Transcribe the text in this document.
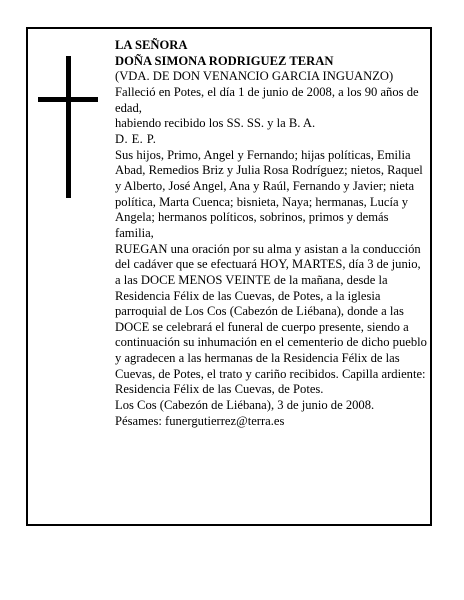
LA SEÑORA

DOÑA SIMONA RODRIGUEZ TERAN

(VDA. DE DON VENANCIO GARCIA INGUANZO)

Falleció en Potes, el día 1 de junio de 2008, a los 90 años de edad,

habiendo recibido los SS. SS. y la B. A.

D. E. P.

Sus hijos, Primo, Angel y Fernando; hijas políticas, Emilia Abad, Remedios Briz y Julia Rosa Rodríguez; nietos, Raquel y Alberto, José Angel, Ana y Raúl, Fernando y Javier; nieta política, Marta Cuenca; bisnieta, Naya; hermanas, Lucía y Angela; hermanos políticos, sobrinos, primos y demás familia,

RUEGAN una oración por su alma y asistan a la conducción del cadáver que se efectuará HOY, MARTES, día 3 de junio, a las DOCE MENOS VEINTE de la mañana, desde la Residencia Félix de las Cuevas, de Potes, a la iglesia parroquial de Los Cos (Cabezón de Liébana), donde a las DOCE se celebrará el funeral de cuerpo presente, siendo a continuación su inhumación en el cementerio de dicho pueblo y agradecen a las hermanas de la Residencia Félix de las Cuevas, de Potes, el trato y cariño recibidos. Capilla ardiente: Residencia Félix de las Cuevas, de Potes.

Los Cos (Cabezón de Liébana), 3 de junio de 2008.

Pésames: funergutierrez@terra.es
